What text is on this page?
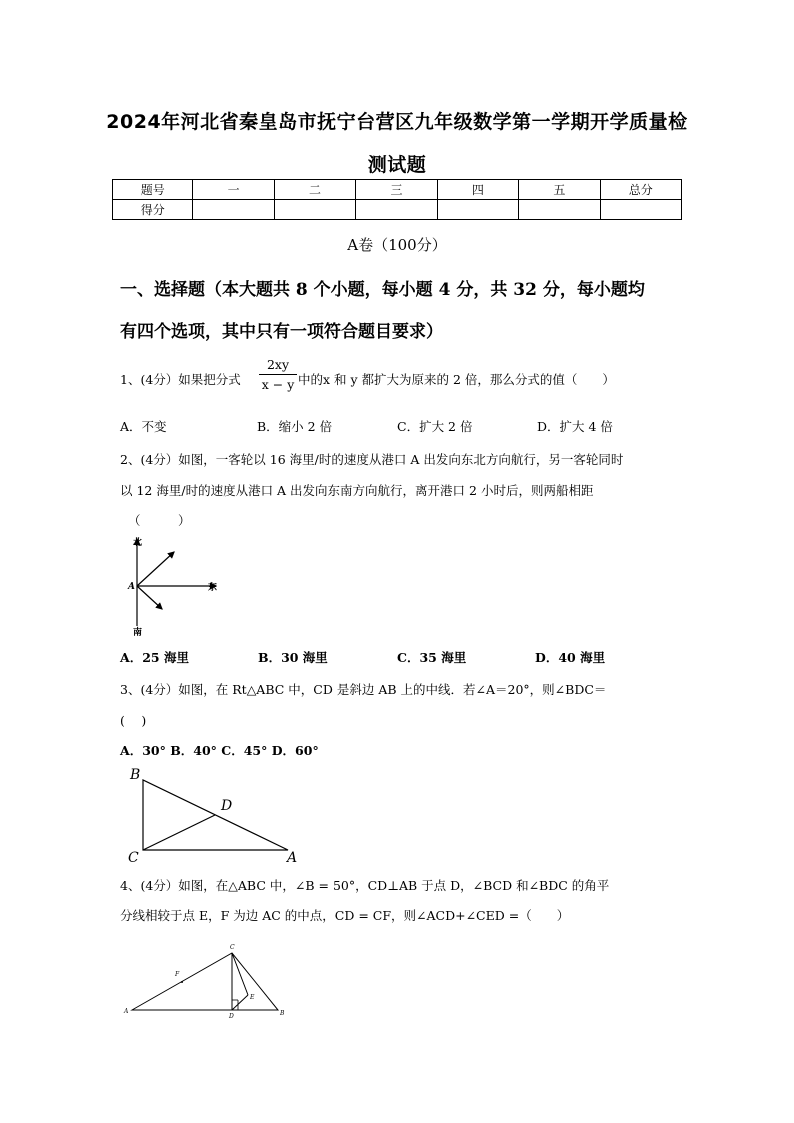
2024年河北省秦皇岛市抚宁台营区九年级数学第一学期开学质量检
测试题
题号	一	二	三	四	五	总分
得分						
A卷（100分）
一、选择题（本大题共 8 个小题，每小题 4 分，共 32 分，每小题均
有四个选项，其中只有一项符合题目要求）
1、(4分）如果把分式
2xy
x − y 中的x 和 y 都扩大为原来的 2 倍，那么分式的值（　　）
A．不变	B．缩小 2 倍	C．扩大 2 倍	D．扩大 4 倍
2、(4分）如图，一客轮以 16 海里/时的速度从港口 A 出发向东北方向航行，另一客轮同时
以 12 海里/时的速度从港口 A 出发向东南方向航行，离开港口 2 小时后，则两船相距
（　　　）
北
南
东
A
A．25 海里	B．30 海里	C．35 海里	D．40 海里
3、(4分）如图，在 Rt△ABC 中，CD 是斜边 AB 上的中线．若∠A＝20°，则∠BDC＝
(　 )
A．30° B．40° C．45° D．60°
B
D
C	A
4、(4分）如图，在△ABC 中，∠B = 50°，CD⊥AB 于点 D，∠BCD 和∠BDC 的角平
分线相较于点 E，F 为边 AC 的中点，CD = CF，则∠ACD+∠CED =（　　）
C
F
E
A
D	B
